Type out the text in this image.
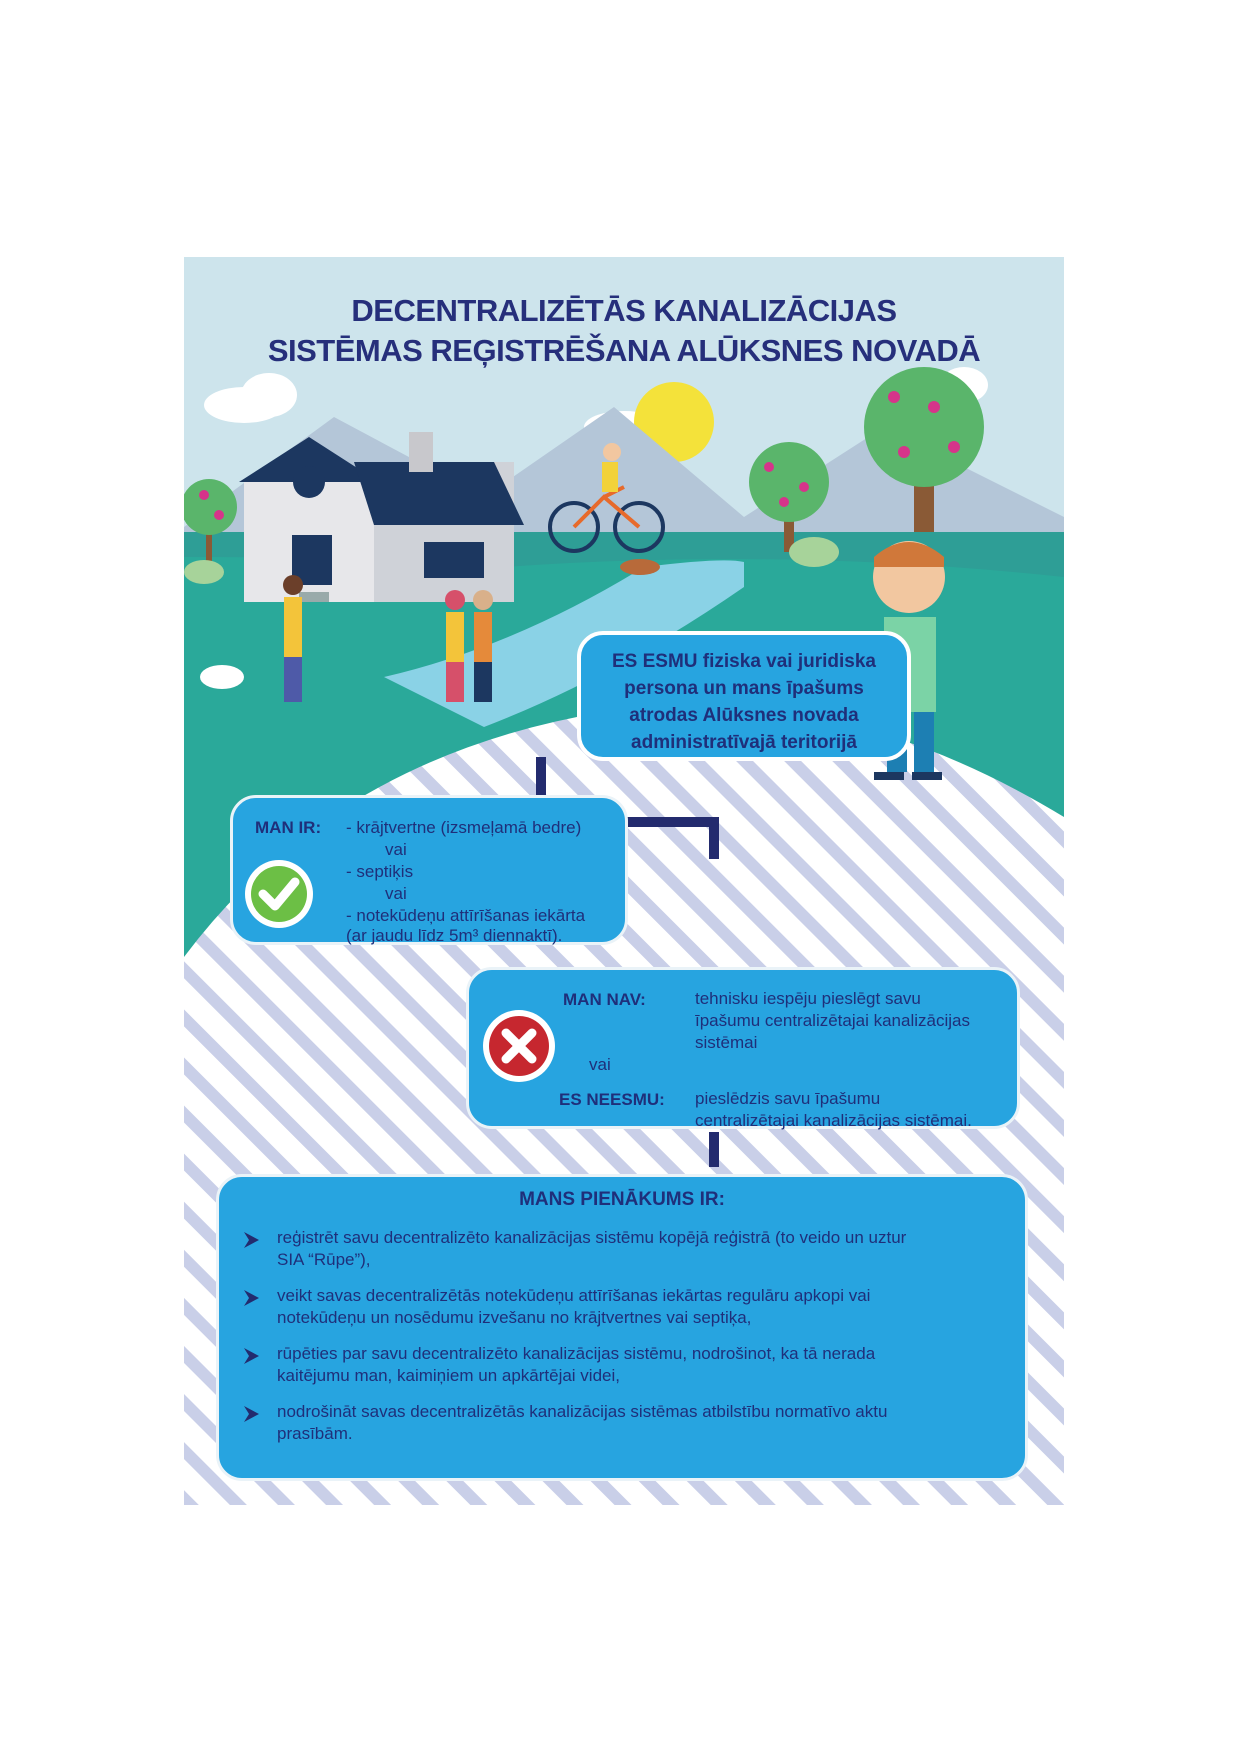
DECENTRALIZĒTĀS KANALIZĀCIJAS
SISTĒMAS REĢISTRĒŠANA ALŪKSNES NOVADĀ
ES ESMU fiziska vai juridiska
persona un mans īpašums
atrodas Alūksnes novada
administratīvajā teritorijā
MAN IR: - krājtvertne (izsmeļamā bedre)
vai
- septiķis
vai
- notekūdeņu attīrīšanas iekārta
(ar jaudu līdz 5m³ diennaktī).
MAN NAV:	tehnisku iespēju pieslēgt savu
īpašumu centralizētajai kanalizācijas
sistēmai
vai
ES NEESMU: pieslēdzis savu īpašumu
centralizētajai kanalizācijas sistēmai.
MANS PIENĀKUMS IR:
reģistrēt savu decentralizēto kanalizācijas sistēmu kopējā reģistrā (to veido un uztur
SIA “Rūpe”),
veikt savas decentralizētās notekūdeņu attīrīšanas iekārtas regulāru apkopi vai
notekūdeņu un nosēdumu izvešanu no krājtvertnes vai septiķa,
rūpēties par savu decentralizēto kanalizācijas sistēmu, nodrošinot, ka tā nerada
kaitējumu man, kaimiņiem un apkārtējai videi,
nodrošināt savas decentralizētās kanalizācijas sistēmas atbilstību normatīvo aktu
prasībām.
